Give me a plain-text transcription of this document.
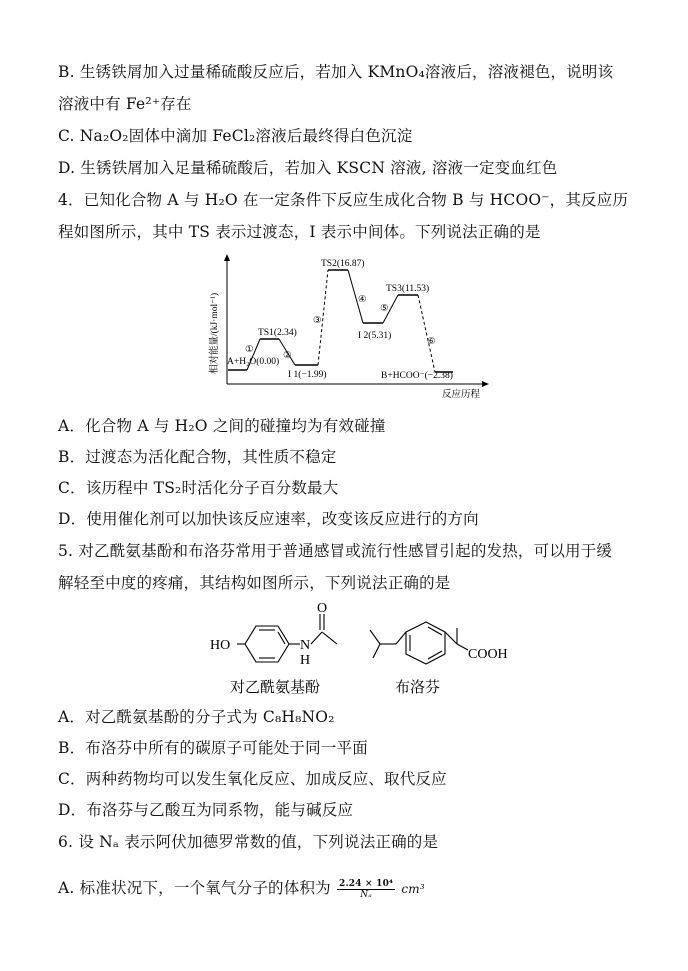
B. 生锈铁屑加入过量稀硫酸反应后，若加入 KMnO₄溶液后，溶液褪色，说明该
溶液中有 Fe²⁺存在
C. Na₂O₂固体中滴加 FeCl₂溶液后最终得白色沉淀
D. 生锈铁屑加入足量稀硫酸后，若加入 KSCN 溶液, 溶液一定变血红色
4．已知化合物 A 与 H₂O 在一定条件下反应生成化合物 B 与 HCOO⁻，其反应历
程如图所示，其中 TS 表示过渡态，I 表示中间体。下列说法正确的是
相对能量/(kJ·mol⁻¹)
反应历程
A+H₂O(0.00)
TS1(2.34)
I 1(−1.99)
TS2(16.87)
I 2(5.31)
TS3(11.53)
B+HCOO⁻(−2.38)
①
②
③
④
⑤
⑥
A．化合物 A 与 H₂O 之间的碰撞均为有效碰撞
B．过渡态为活化配合物，其性质不稳定
C．该历程中 TS₂时活化分子百分数最大
D．使用催化剂可以加快该反应速率，改变该反应进行的方向
5. 对乙酰氨基酚和布洛芬常用于普通感冒或流行性感冒引起的发热，可以用于缓
解轻至中度的疼痛，其结构如图所示，下列说法正确的是
HO	N
H
O
COOH
对乙酰氨基酚	布洛芬
A．对乙酰氨基酚的分子式为 C₈H₈NO₂
B．布洛芬中所有的碳原子可能处于同一平面
C．两种药物均可以发生氧化反应、加成反应、取代反应
D．布洛芬与乙酸互为同系物，能与碱反应
6. 设 Nₐ 表示阿伏加德罗常数的值，下列说法正确的是
A. 标准状况下，一个氧气分子的体积为 $\frac{\text{2.24 × 10⁴}}{\text{Nₐ}} cm^3$
